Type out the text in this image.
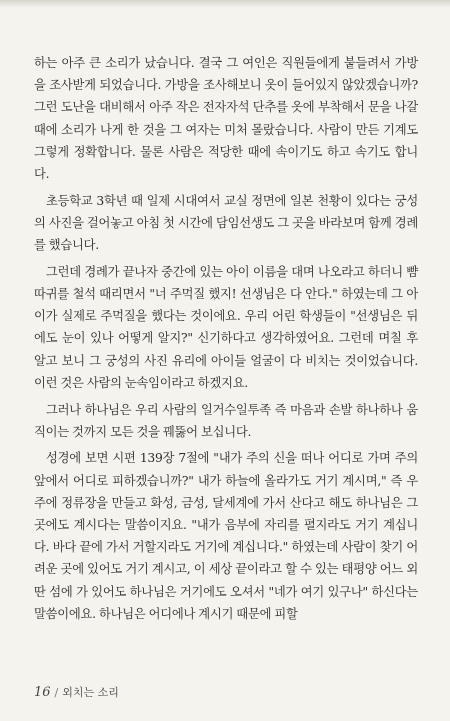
하는 아주 큰 소리가 났습니다. 결국 그 여인은 직원들에게 붙들려서 가방을 조사받게 되었습니다. 가방을 조사해보니 옷이 들어있지 않았겠습니까? 그런 도난을 대비해서 아주 작은 전자자석 단추를 옷에 부착해서 문을 나갈 때에 소리가 나게 한 것을 그 여자는 미처 몰랐습니다. 사람이 만든 기계도 그렇게 정확합니다. 물론 사람은 적당한 때에 속이기도 하고 속기도 합니다.

초등학교 3학년 때 일제 시대여서 교실 정면에 일본 천황이 있다는 궁성의 사진을 걸어놓고 아침 첫 시간에 담임선생도 그 곳을 바라보며 함께 경례를 했습니다.

그런데 경례가 끝나자 중간에 있는 아이 이름을 대며 나오라고 하더니 뺨따귀를 철석 때리면서 "너 주먹질 했지! 선생님은 다 안다." 하였는데 그 아이가 실제로 주먹질을 했다는 것이에요. 우리 어린 학생들이 "선생님은 뒤에도 눈이 있나 어떻게 알지?" 신기하다고 생각하였어요. 그런데 며칠 후 알고 보니 그 궁성의 사진 유리에 아이들 얼굴이 다 비치는 것이었습니다.이런 것은 사람의 눈속임이라고 하겠지요.

그러나 하나님은 우리 사람의 일거수일투족 즉 마음과 손발 하나하나 움직이는 것까지 모든 것을 꿰뚫어 보십니다.

성경에 보면 시편 139장 7절에 "내가 주의 신을 떠나 어디로 가며 주의 앞에서 어디로 피하겠습니까?" 내가 하늘에 올라가도 거기 계시며," 즉 우주에 정류장을 만들고 화성, 금성, 달세계에 가서 산다고 해도 하나님은 그곳에도 계시다는 말씀이지요. "내가 음부에 자리를 펼지라도 거기 계십니다. 바다 끝에 가서 거할지라도 거기에 계십니다." 하였는데 사람이 찾기 어려운 곳에 있어도 거기 계시고, 이 세상 끝이라고 할 수 있는 태평양 어느 외딴 섬에 가 있어도 하나님은 거기에도 오셔서 "네가 여기 있구나" 하신다는 말씀이에요. 하나님은 어디에나 계시기 때문에 피할

16 / 외치는 소리
